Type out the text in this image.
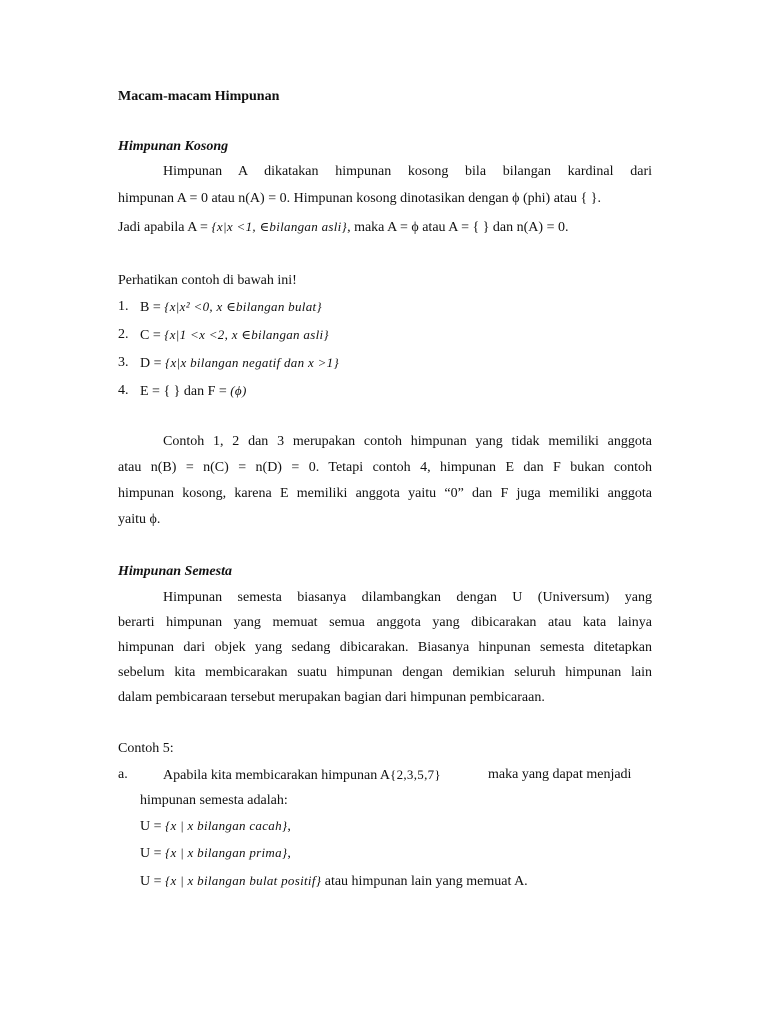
Macam-macam Himpunan
Himpunan Kosong
Himpunan A dikatakan himpunan kosong bila bilangan kardinal dari
himpunan A = 0 atau n(A) = 0. Himpunan kosong dinotasikan dengan ϕ (phi) atau { }.
Jadi apabila A = {x|x <1, ∈bilangan asli}, maka A = ϕ atau A = { } dan n(A) = 0.
Perhatikan contoh di bawah ini!
1. B = {x|x² <0, x ∈bilangan bulat}
2. C = {x|1 <x <2, x ∈bilangan asli}
3. D = {x|x bilangan negatif dan x >1}
4. E = { } dan F = (ϕ)
Contoh 1, 2 dan 3 merupakan contoh himpunan yang tidak memiliki anggota
atau n(B) = n(C) = n(D) = 0. Tetapi contoh 4, himpunan E dan F bukan contoh
himpunan kosong, karena E memiliki anggota yaitu “0” dan F juga memiliki anggota
yaitu ϕ.
Himpunan Semesta
Himpunan semesta biasanya dilambangkan dengan U (Universum) yang
berarti himpunan yang memuat semua anggota yang dibicarakan atau kata lainya
himpunan dari objek yang sedang dibicarakan. Biasanya hinpunan semesta ditetapkan
sebelum kita membicarakan suatu himpunan dengan demikian seluruh himpunan lain
dalam pembicaraan tersebut merupakan bagian dari himpunan pembicaraan.
Contoh 5:
a.	Apabila kita membicarakan himpunan A{2,3,5,7}	maka yang dapat menjadi
himpunan semesta adalah:
U = {x | x bilangan cacah},
U = {x | x bilangan prima},
U = {x | x bilangan bulat positif} atau himpunan lain yang memuat A.
